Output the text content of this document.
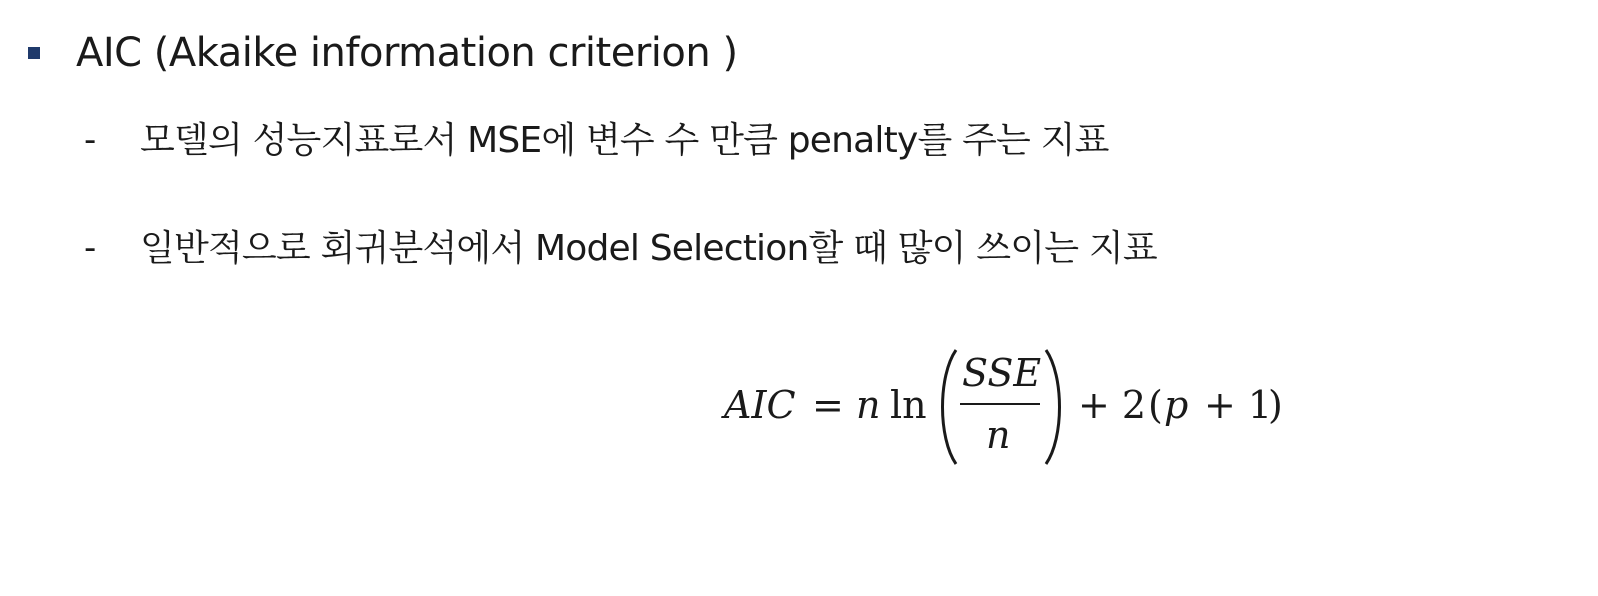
AIC (Akaike information criterion )
- 모델의 성능지표로서 MSE에 변수 수 만큼 penalty를 주는 지표
- 일반적으로 회귀분석에서 Model Selection할 때 많이 쓰이는 지표
AIC = n ln
SSE
n
+ 2 ( p + 1
)
